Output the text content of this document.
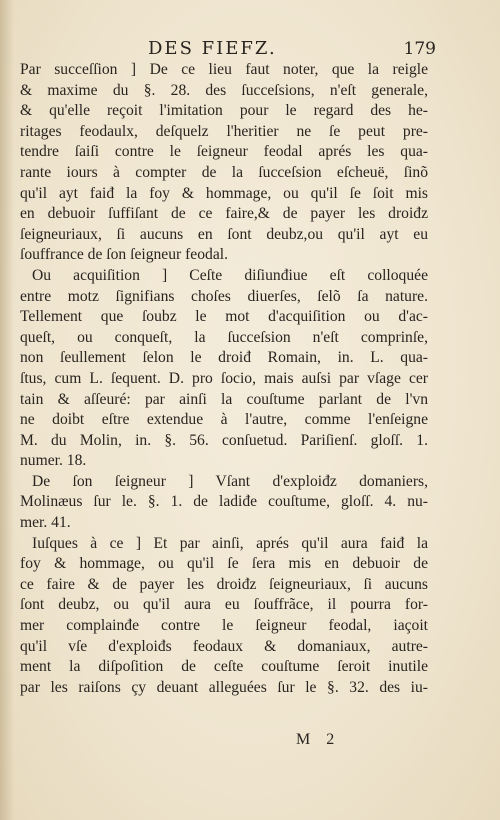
DES FIEFZ.	179
Par succeſſion ] De ce lieu faut noter, que la reigle
& maxime du §. 28. des ſucceſsions, n'eſt generale,
& qu'elle reçoit l'imitation pour le regard des he-
ritages feodaulx, deſquelz l'heritier ne ſe peut pre-
tendre ſaiſi contre le ſeigneur feodal aprés les qua-
rante iours à compter de la ſucceſsion eſcheuë, ſinõ
qu'il ayt faiđ la foy & hommage, ou qu'il ſe ſoit mis
en debuoir ſuffiſant de ce faire,& de payer les droiđz
ſeigneuriaux, ſi aucuns en ſont deubz,ou qu'il ayt eu
ſouffrance de ſon ſeigneur feodal.
Ou acquiſition ] Ceſte diſiunđiue eſt colloquée
entre motz ſignifians choſes diuerſes, ſelõ ſa nature.
Tellement que ſoubz le mot d'acquiſition ou d'ac-
queſt, ou conqueſt, la ſucceſsion n'eſt comprinſe,
non ſeullement ſelon le droiđ Romain, in. L. qua-
ſtus, cum L. ſequent. D. pro ſocio, mais auſsi par vſage cer
tain & aſſeuré: par ainſi la couſtume parlant de l'vn
ne doibt eſtre extendue à l'autre, comme l'enſeigne
M. du Molin, in. §. 56. conſuetud. Pariſienſ. gloſſ. 1.
numer. 18.
De ſon ſeigneur ] Vſant d'exploiđz domaniers,
Molinæus ſur le. §. 1. de ladiđe couſtume, gloſſ. 4. nu-
mer. 41.
Iuſques à ce ] Et par ainſi, aprés qu'il aura faiđ la
foy & hommage, ou qu'il ſe ſera mis en debuoir de
ce faire & de payer les droiđz ſeigneuriaux, ſi aucuns
ſont deubz, ou qu'il aura eu ſouffrãce, il pourra for-
mer complainđe contre le ſeigneur feodal, iaçoit
qu'il vſe d'exploiđs feodaux & domaniaux, autre-
ment la diſpoſition de ceſte couſtume ſeroit inutile
par les raiſons çy deuant alleguées ſur le §. 32. des iu-
M 2
